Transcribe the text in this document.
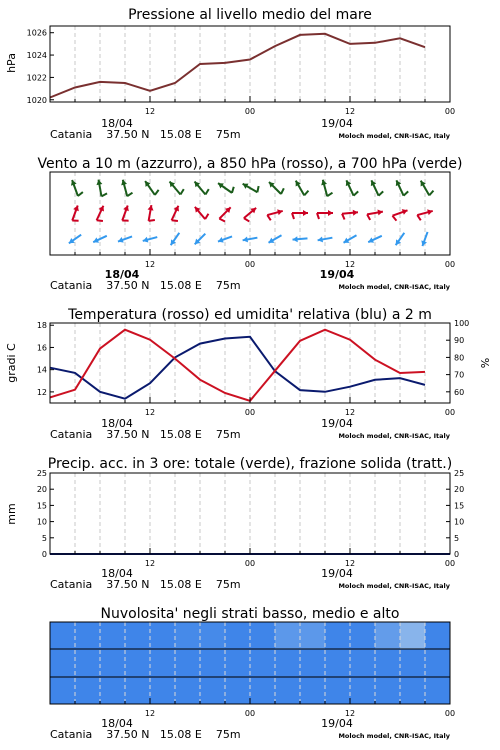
Pressione al livello medio del mare
hPa
1020
1022
1024
1026
12	00	12	00
18/04	19/04
Catania    37.50 N   15.08 E    75m	Moloch model, CNR-ISAC, Italy
Vento a 10 m (azzurro), a 850 hPa (rosso), a 700 hPa (verde)
12	00	12	00
18/04	19/04
Catania    37.50 N   15.08 E    75m	Moloch model, CNR-ISAC, Italy
Temperatura (rosso) ed umidita' relativa (blu) a 2 m
gradi C	%
12
14
16
18
60
70
80
90
100
12	00	12	00
18/04	19/04
Catania    37.50 N   15.08 E    75m	Moloch model, CNR-ISAC, Italy
Precip. acc. in 3 ore: totale (verde), frazione solida (tratt.)
mm
0
5
10
15
20
25
0
5
10
15
20
25
12	00	12	00
18/04	19/04
Catania    37.50 N   15.08 E    75m	Moloch model, CNR-ISAC, Italy
Nuvolosita' negli strati basso, medio e alto
12	00	12	00
18/04	19/04
Catania    37.50 N   15.08 E    75m	Moloch model, CNR-ISAC, Italy
